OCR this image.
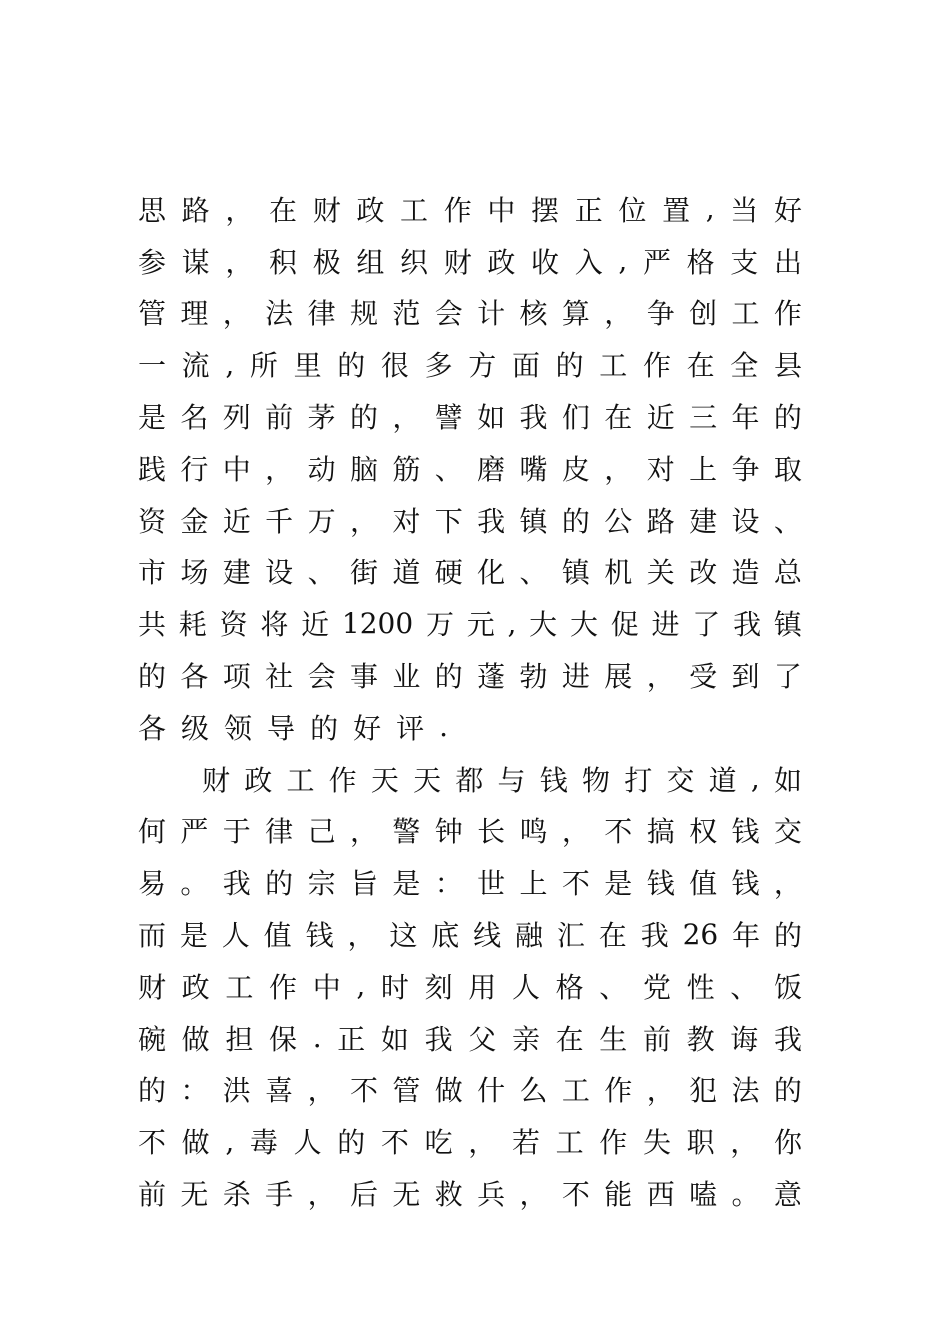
思 路 ， 在 财 政 工 作 中 摆 正 位 置 , 当 好
参 谋 ， 积 极 组 织 财 政 收 入 , 严 格 支 出
管 理 ， 法 律 规 范 会 计 核 算 ， 争 创 工 作
一 流 , 所 里 的 很 多 方 面 的 工 作 在 全 县
是 名 列 前 茅 的 ， 譬 如 我 们 在 近 三 年 的
践 行 中 ， 动 脑 筋 、 磨 嘴 皮 ， 对 上 争 取
资 金 近 千 万 ， 对 下 我 镇 的 公 路 建 设 、
市 场 建 设 、 街 道 硬 化 、 镇 机 关 改 造 总
共 耗 资 将 近 1200 万 元 , 大 大 促 进 了 我 镇
的 各 项 社 会 事 业 的 蓬 勃 进 展 ， 受 到 了
各 级 领 导 的 好 评 .
财 政 工 作 天 天 都 与 钱 物 打 交 道 , 如
何 严 于 律 己 ， 警 钟 长 鸣 ， 不 搞 权 钱 交
易 。 我 的 宗 旨 是 ： 世 上 不 是 钱 值 钱 ，
而 是 人 值 钱 ， 这 底 线 融 汇 在 我 26 年 的
财 政 工 作 中 , 时 刻 用 人 格 、 党 性 、 饭
碗 做 担 保 . 正 如 我 父 亲 在 生 前 教 诲 我
的 ： 洪 喜 ， 不 管 做 什 么 工 作 ， 犯 法 的
不 做 , 毒 人 的 不 吃 ， 若 工 作 失 职 ， 你
前 无 杀 手 ， 后 无 救 兵 ， 不 能 西 嗑 。 意
